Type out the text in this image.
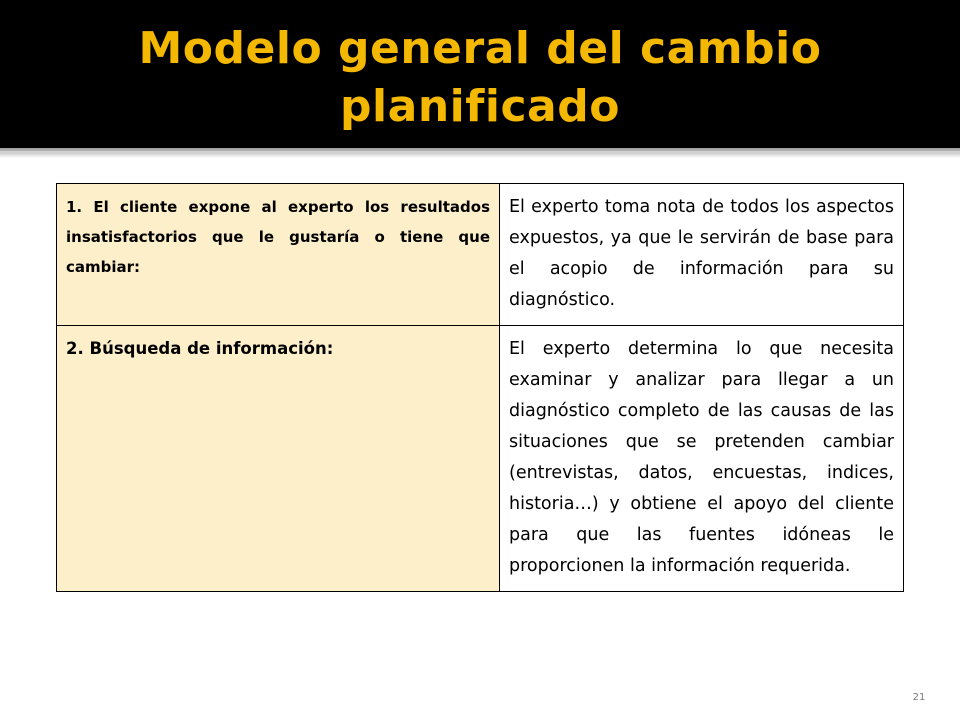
Modelo general del cambio planificado
1. El cliente expone al experto los resultados insatisfactorios que le gustaría o tiene que cambiar:	El experto toma nota de todos los aspectos expuestos, ya que le servirán de base para el acopio de información para su diagnóstico.
2. Búsqueda de información:	El experto determina lo que necesita examinar y analizar para llegar a un diagnóstico completo de las causas de las situaciones que se pretenden cambiar (entrevistas, datos, encuestas, indices, historia…) y obtiene el apoyo del cliente para que las fuentes idóneas le proporcionen la información requerida.
21
